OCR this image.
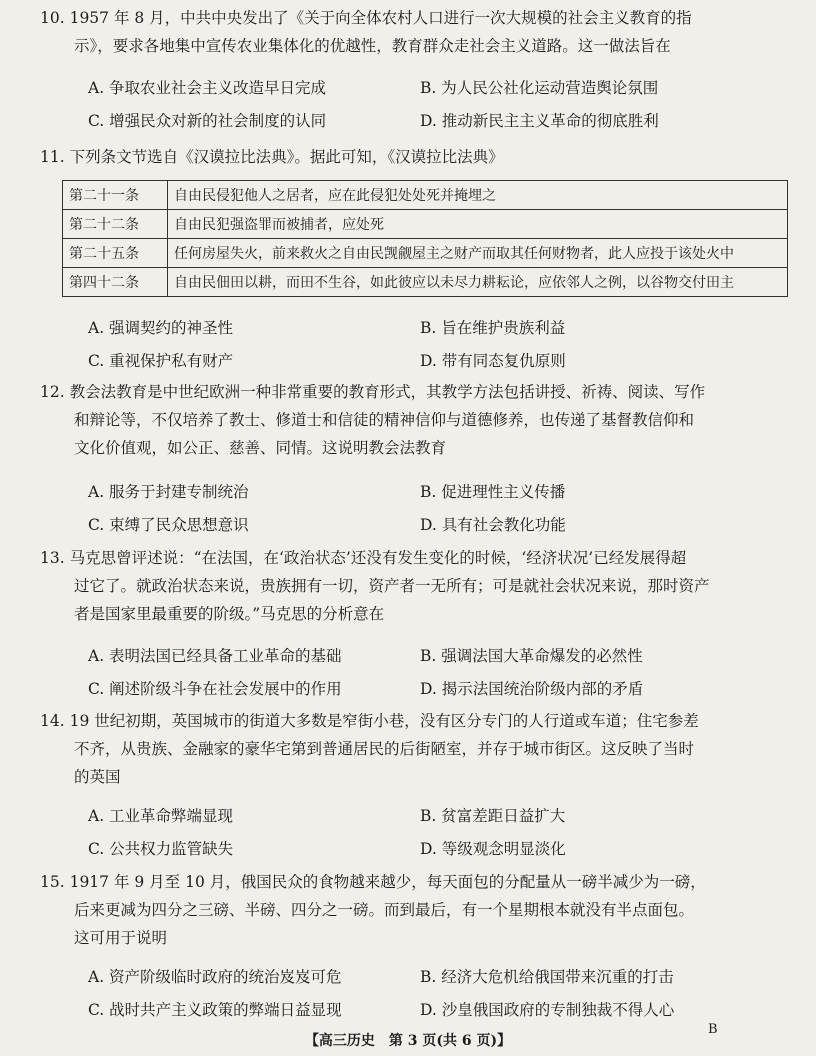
10. 1957 年 8 月，中共中央发出了《关于向全体农村人口进行一次大规模的社会主义教育的指
示》，要求各地集中宣传农业集体化的优越性，教育群众走社会主义道路。这一做法旨在
A. 争取农业社会主义改造早日完成	B. 为人民公社化运动营造舆论氛围
C. 增强民众对新的社会制度的认同	D. 推动新民主主义革命的彻底胜利
11. 下列条文节选自《汉谟拉比法典》。据此可知，《汉谟拉比法典》
第二十一条	自由民侵犯他人之居者，应在此侵犯处处死并掩埋之
第二十二条	自由民犯强盗罪而被捕者，应处死
第二十五条	任何房屋失火，前来救火之自由民觊觎屋主之财产而取其任何财物者，此人应投于该处火中
第四十二条	自由民佃田以耕，而田不生谷，如此彼应以未尽力耕耘论，应依邻人之例，以谷物交付田主
A. 强调契约的神圣性	B. 旨在维护贵族利益
C. 重视保护私有财产	D. 带有同态复仇原则
12. 教会法教育是中世纪欧洲一种非常重要的教育形式，其教学方法包括讲授、祈祷、阅读、写作
和辩论等，不仅培养了教士、修道士和信徒的精神信仰与道德修养，也传递了基督教信仰和
文化价值观，如公正、慈善、同情。这说明教会法教育
A. 服务于封建专制统治	B. 促进理性主义传播
C. 束缚了民众思想意识	D. 具有社会教化功能
13. 马克思曾评述说：“在法国，在‘政治状态’还没有发生变化的时候，‘经济状况’已经发展得超
过它了。就政治状态来说，贵族拥有一切，资产者一无所有；可是就社会状况来说，那时资产
者是国家里最重要的阶级。”马克思的分析意在
A. 表明法国已经具备工业革命的基础	B. 强调法国大革命爆发的必然性
C. 阐述阶级斗争在社会发展中的作用	D. 揭示法国统治阶级内部的矛盾
14. 19 世纪初期，英国城市的街道大多数是窄街小巷，没有区分专门的人行道或车道；住宅参差
不齐，从贵族、金融家的豪华宅第到普通居民的后街陋室，并存于城市街区。这反映了当时
的英国
A. 工业革命弊端显现	B. 贫富差距日益扩大
C. 公共权力监管缺失	D. 等级观念明显淡化
15. 1917 年 9 月至 10 月，俄国民众的食物越来越少，每天面包的分配量从一磅半减少为一磅，
后来更减为四分之三磅、半磅、四分之一磅。而到最后，有一个星期根本就没有半点面包。
这可用于说明
A. 资产阶级临时政府的统治岌岌可危	B. 经济大危机给俄国带来沉重的打击
C. 战时共产主义政策的弊端日益显现	D. 沙皇俄国政府的专制独裁不得人心
【高三历史　第 3 页(共 6 页)】
B
